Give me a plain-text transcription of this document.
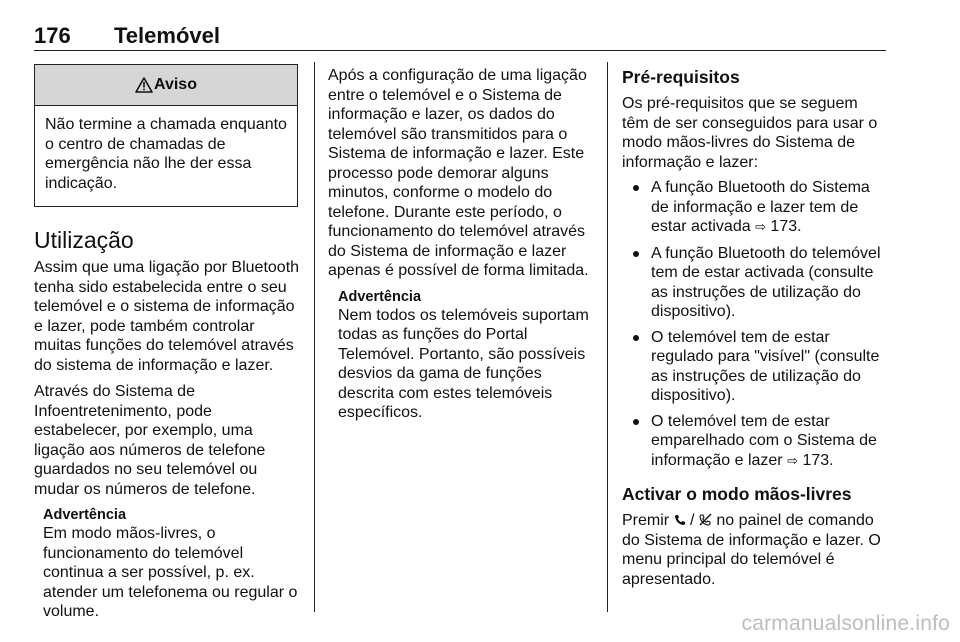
176 Telemóvel
Aviso
Não termine a chamada enquanto o centro de chamadas de emergência não lhe der essa indicação.
Utilização

Assim que uma ligação por Bluetooth tenha sido estabelecida entre o seu telemóvel e o sistema de informação e lazer, pode também controlar muitas funções do telemóvel através do sistema de informação e lazer.

Através do Sistema de Infoentretenimento, pode estabelecer, por exemplo, uma ligação aos números de telefone guardados no seu telemóvel ou mudar os números de telefone.

Advertência
Em modo mãos-livres, o funcionamento do telemóvel continua a ser possível, p. ex. atender um telefonema ou regular o volume.

Após a configuração de uma ligação entre o telemóvel e o Sistema de informação e lazer, os dados do telemóvel são transmitidos para o Sistema de informação e lazer. Este processo pode demorar alguns minutos, conforme o modelo do telefone. Durante este período, o funcionamento do telemóvel através do Sistema de informação e lazer apenas é possível de forma limitada.

Advertência
Nem todos os telemóveis suportam todas as funções do Portal Telemóvel. Portanto, são possíveis desvios da gama de funções descrita com estes telemóveis específicos.
Pré-requisitos

Os pré-requisitos que se seguem têm de ser conseguidos para usar o modo mãos-livres do Sistema de informação e lazer:

A função Bluetooth do Sistema de informação e lazer tem de estar activada ⇨ 173.
A função Bluetooth do telemóvel tem de estar activada (consulte as instruções de utilização do dispositivo).
O telemóvel tem de estar regulado para "visível" (consulte as instruções de utilização do dispositivo).
O telemóvel tem de estar emparelhado com o Sistema de informação e lazer ⇨ 173.
Activar o modo mãos-livres

Premir / no painel de comando do Sistema de informação e lazer. O menu principal do telemóvel é apresentado.

carmanualsonline.info
